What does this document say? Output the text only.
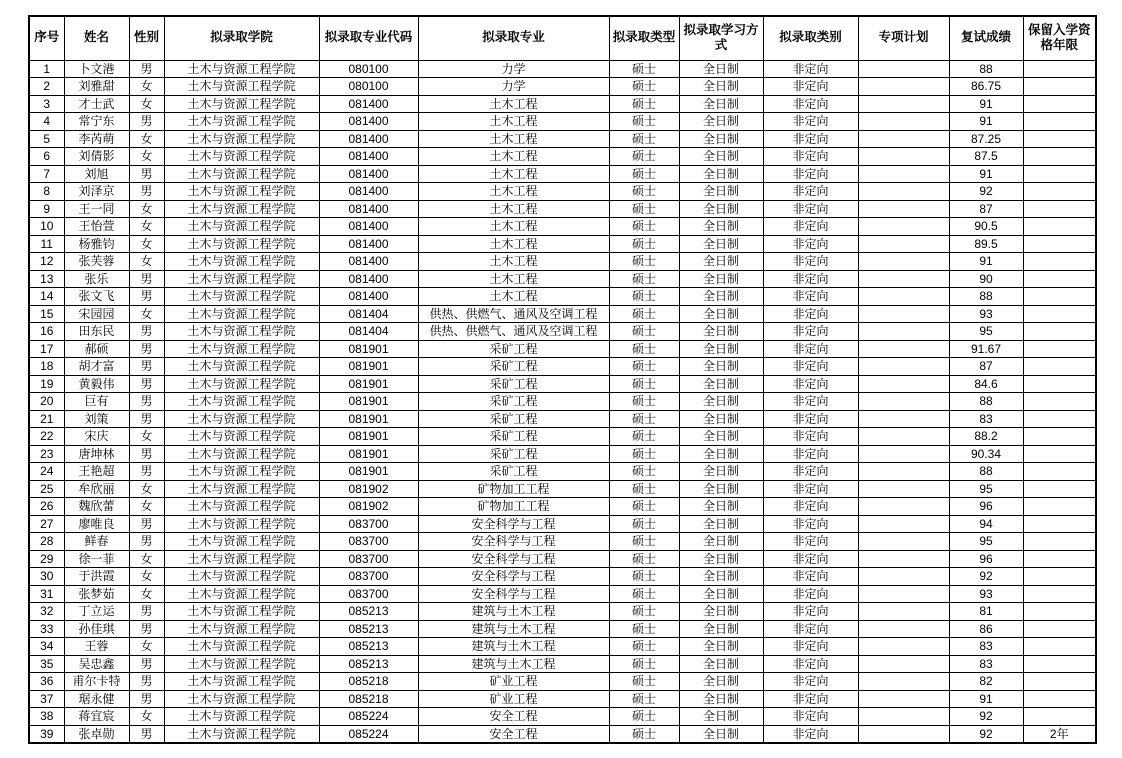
序号	姓名	性别	拟录取学院	拟录取专业代码	拟录取专业	拟录取类型	拟录取学习方式	拟录取类别	专项计划	复试成绩	保留入学资格年限
1	卜文港	男	土木与资源工程学院	080100	力学	硕士	全日制	非定向		88	
2	刘雅甜	女	土木与资源工程学院	080100	力学	硕士	全日制	非定向		86.75	
3	才士武	女	土木与资源工程学院	081400	土木工程	硕士	全日制	非定向		91	
4	常宁东	男	土木与资源工程学院	081400	土木工程	硕士	全日制	非定向		91	
5	李芮萌	女	土木与资源工程学院	081400	土木工程	硕士	全日制	非定向		87.25	
6	刘倩影	女	土木与资源工程学院	081400	土木工程	硕士	全日制	非定向		87.5	
7	刘旭	男	土木与资源工程学院	081400	土木工程	硕士	全日制	非定向		91	
8	刘泽京	男	土木与资源工程学院	081400	土木工程	硕士	全日制	非定向		92	
9	王一同	女	土木与资源工程学院	081400	土木工程	硕士	全日制	非定向		87	
10	王怡萱	女	土木与资源工程学院	081400	土木工程	硕士	全日制	非定向		90.5	
11	杨雅钧	女	土木与资源工程学院	081400	土木工程	硕士	全日制	非定向		89.5	
12	张芙蓉	女	土木与资源工程学院	081400	土木工程	硕士	全日制	非定向		91	
13	张乐	男	土木与资源工程学院	081400	土木工程	硕士	全日制	非定向		90	
14	张文飞	男	土木与资源工程学院	081400	土木工程	硕士	全日制	非定向		88	
15	宋园园	女	土木与资源工程学院	081404	供热、供燃气、通风及空调工程	硕士	全日制	非定向		93	
16	田东民	男	土木与资源工程学院	081404	供热、供燃气、通风及空调工程	硕士	全日制	非定向		95	
17	郝硕	男	土木与资源工程学院	081901	采矿工程	硕士	全日制	非定向		91.67	
18	胡才富	男	土木与资源工程学院	081901	采矿工程	硕士	全日制	非定向		87	
19	黄毅伟	男	土木与资源工程学院	081901	采矿工程	硕士	全日制	非定向		84.6	
20	巨有	男	土木与资源工程学院	081901	采矿工程	硕士	全日制	非定向		88	
21	刘策	男	土木与资源工程学院	081901	采矿工程	硕士	全日制	非定向		83	
22	宋庆	女	土木与资源工程学院	081901	采矿工程	硕士	全日制	非定向		88.2	
23	唐坤林	男	土木与资源工程学院	081901	采矿工程	硕士	全日制	非定向		90.34	
24	王艳超	男	土木与资源工程学院	081901	采矿工程	硕士	全日制	非定向		88	
25	牟欣丽	女	土木与资源工程学院	081902	矿物加工工程	硕士	全日制	非定向		95	
26	魏欣蕾	女	土木与资源工程学院	081902	矿物加工工程	硕士	全日制	非定向		96	
27	廖唯良	男	土木与资源工程学院	083700	安全科学与工程	硕士	全日制	非定向		94	
28	鲜春	男	土木与资源工程学院	083700	安全科学与工程	硕士	全日制	非定向		95	
29	徐一菲	女	土木与资源工程学院	083700	安全科学与工程	硕士	全日制	非定向		96	
30	于洪霞	女	土木与资源工程学院	083700	安全科学与工程	硕士	全日制	非定向		92	
31	张梦茹	女	土木与资源工程学院	083700	安全科学与工程	硕士	全日制	非定向		93	
32	丁立运	男	土木与资源工程学院	085213	建筑与土木工程	硕士	全日制	非定向		81	
33	孙佳琪	男	土木与资源工程学院	085213	建筑与土木工程	硕士	全日制	非定向		86	
34	王蓉	女	土木与资源工程学院	085213	建筑与土木工程	硕士	全日制	非定向		83	
35	吴忠鑫	男	土木与资源工程学院	085213	建筑与土木工程	硕士	全日制	非定向		83	
36	甫尔卡特	男	土木与资源工程学院	085218	矿业工程	硕士	全日制	非定向		82	
37	琚永健	男	土木与资源工程学院	085218	矿业工程	硕士	全日制	非定向		91	
38	蒋宜宸	女	土木与资源工程学院	085224	安全工程	硕士	全日制	非定向		92	
39	张卓勋	男	土木与资源工程学院	085224	安全工程	硕士	全日制	非定向		92	2年
